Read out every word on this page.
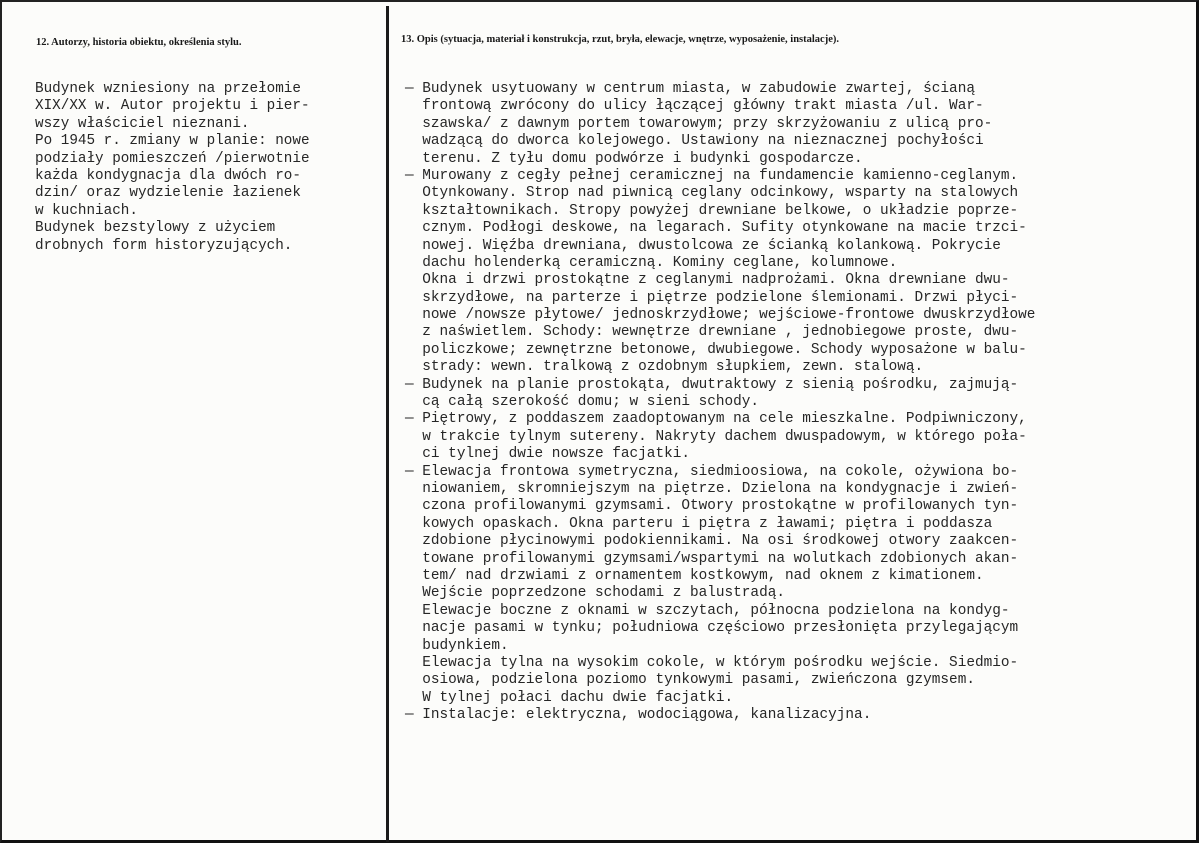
12. Autorzy, historia obiektu, określenia stylu.	13. Opis (sytuacja, materiał i konstrukcja, rzut, bryła, elewacje, wnętrze, wyposażenie, instalacje).
Budynek wzniesiony na przełomie
XIX/XX w. Autor projektu i pier-
wszy właściciel nieznani.
Po 1945 r. zmiany w planie: nowe
podziały pomieszczeń /pierwotnie
każda kondygnacja dla dwóch ro-
dzin/ oraz wydzielenie łazienek
w kuchniach.
Budynek bezstylowy z użyciem
drobnych form historyzujących.
— Budynek usytuowany w centrum miasta, w zabudowie zwartej, ścianą
frontową zwrócony do ulicy łączącej główny trakt miasta /ul. War-
szawska/ z dawnym portem towarowym; przy skrzyżowaniu z ulicą pro-
wadzącą do dworca kolejowego. Ustawiony na nieznacznej pochyłości
terenu. Z tyłu domu podwórze i budynki gospodarcze.
— Murowany z cegły pełnej ceramicznej na fundamencie kamienno-ceglanym.
Otynkowany. Strop nad piwnicą ceglany odcinkowy, wsparty na stalowych
kształtownikach. Stropy powyżej drewniane belkowe, o układzie poprze-
cznym. Podłogi deskowe, na legarach. Sufity otynkowane na macie trzci-
nowej. Więźba drewniana, dwustolcowa ze ścianką kolankową. Pokrycie
dachu holenderką ceramiczną. Kominy ceglane, kolumnowe.
Okna i drzwi prostokątne z ceglanymi nadprożami. Okna drewniane dwu-
skrzydłowe, na parterze i piętrze podzielone ślemionami. Drzwi płyci-
nowe /nowsze płytowe/ jednoskrzydłowe; wejściowe-frontowe dwuskrzydłowe
z naświetlem. Schody: wewnętrze drewniane , jednobiegowe proste, dwu-
policzkowe; zewnętrzne betonowe, dwubiegowe. Schody wyposażone w balu-
strady: wewn. tralkową z ozdobnym słupkiem, zewn. stalową.
— Budynek na planie prostokąta, dwutraktowy z sienią pośrodku, zajmują-
cą całą szerokość domu; w sieni schody.
— Piętrowy, z poddaszem zaadoptowanym na cele mieszkalne. Podpiwniczony,
w trakcie tylnym sutereny. Nakryty dachem dwuspadowym, w którego poła-
ci tylnej dwie nowsze facjatki.
— Elewacja frontowa symetryczna, siedmioosiowa, na cokole, ożywiona bo-
niowaniem, skromniejszym na piętrze. Dzielona na kondygnacje i zwień-
czona profilowanymi gzymsami. Otwory prostokątne w profilowanych tyn-
kowych opaskach. Okna parteru i piętra z ławami; piętra i poddasza
zdobione płycinowymi podokiennikami. Na osi środkowej otwory zaakcen-
towane profilowanymi gzymsami/wspartymi na wolutkach zdobionych akan-
tem/ nad drzwiami z ornamentem kostkowym, nad oknem z kimationem.
Wejście poprzedzone schodami z balustradą.
Elewacje boczne z oknami w szczytach, północna podzielona na kondyg-
nacje pasami w tynku; południowa częściowo przesłonięta przylegającym
budynkiem.
Elewacja tylna na wysokim cokole, w którym pośrodku wejście. Siedmio-
osiowa, podzielona poziomo tynkowymi pasami, zwieńczona gzymsem.
W tylnej połaci dachu dwie facjatki.
— Instalacje: elektryczna, wodociągowa, kanalizacyjna.
